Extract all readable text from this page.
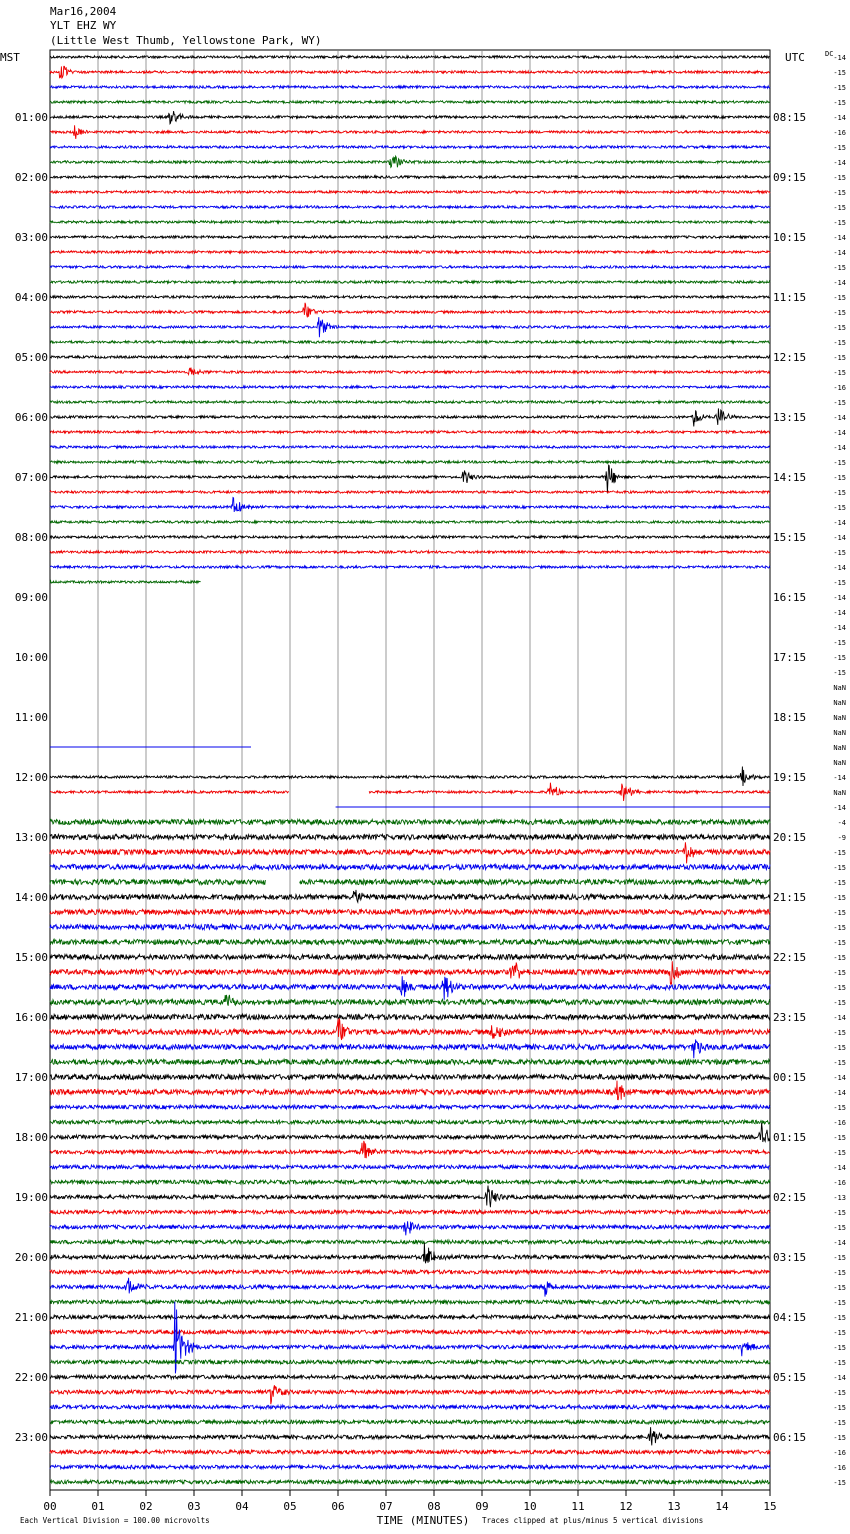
Mar16,2004
YLT EHZ WY
(Little West Thumb, Yellowstone Park, WY)
MST	UTC	DC
01:00
02:00
03:00
04:00
05:00
06:00
07:00
08:00
09:00
10:00
11:00
12:00
13:00
14:00
15:00
16:00
17:00
18:00
19:00
20:00
21:00
22:00
23:00
08:15
09:15
10:15
11:15
12:15
13:15
14:15
15:15
16:15
17:15
18:15
19:15
20:15
21:15
22:15
23:15
00:15
01:15
02:15
03:15
04:15
05:15
06:15
-14
-15
-15
-15
-14
-16
-15
-14
-15
-15
-15
-15
-14
-14
-15
-14
-15
-15
-15
-15
-15
-15
-16
-15
-14
-14
-14
-15
-15
-15
-15
-14
-14
-15
-14
-15
-14
-14
-14
-15
-15
-15
NaN
NaN
NaN
NaN
NaN
NaN
-14
NaN
-14
-4
-9
-15
-15
-15
-15
-15
-15
-15
-15
-15
-15
-15
-14
-15
-15
-15
-14
-14
-15
-16
-15
-15
-14
-16
-13
-15
-15
-14
-15
-15
-15
-15
-15
-15
-15
-15
-14
-15
-15
-15
-15
-16
-16
-15
00	01	02	03	04	05	06	07	08	09	10	11	12	13	14	15
TIME (MINUTES)
Each Vertical Division = 100.00 microvolts	Traces clipped at plus/minus 5 vertical divisions
